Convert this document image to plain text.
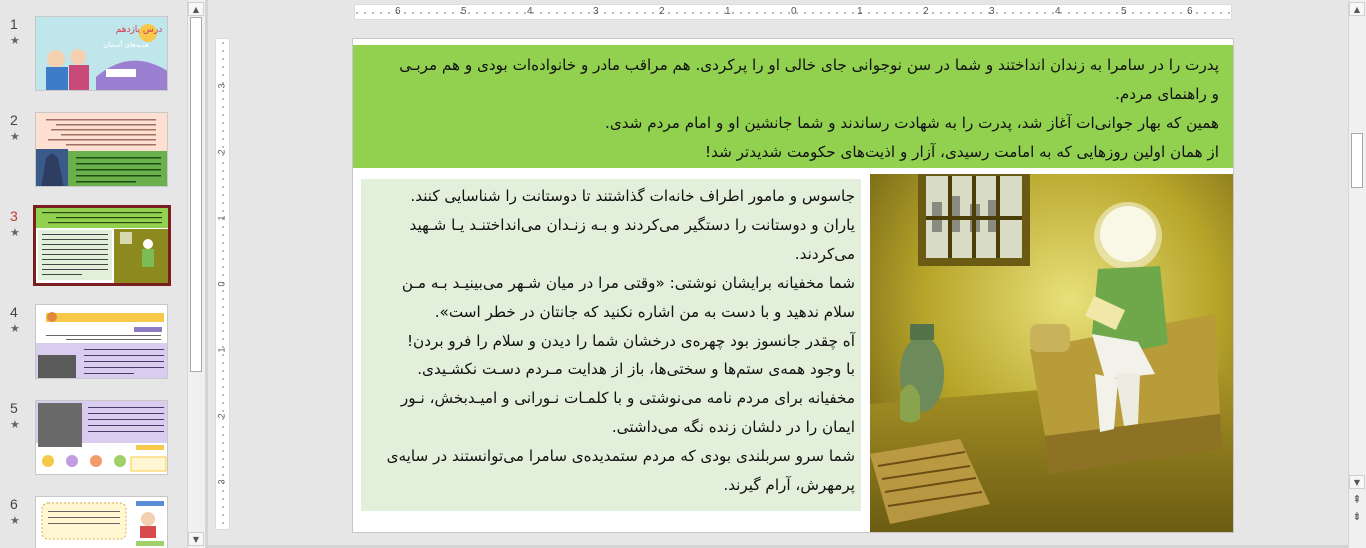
1
★
درس یازدهم
هدیه‌های آسمان
2
★
3
★
4
★
5
★
6
★
▲
▼
6	5	4	3	2	1	0	1	2	3	4	5	6
3
2
1
0
1
2
3
پدرت را در سامرا به زندان انداختند و شما در سن نوجوانی جای خالی او را پرکردی. هم مراقب مادر و خانواده‌ات بودی و هم مربـی
و راهنمای مردم.
همین که بهار جوانی‌ات آغاز شد، پدرت را به شهادت رساندند و شما جانشین او و امام مردم شدی.
از همان اولین روزهایی که به امامت رسیدی، آزار و اذیت‌های حکومت شدیدتر شد!
جاسوس و مامور اطراف خانه‌ات گذاشتند تا دوستانت را شناسایی کنند.
یاران و دوستانت را دستگیر می‌کردند و بـه زنـدان می‌انداختنـد یـا شـهید
می‌کردند.
شما مخفیانه برایشان نوشتی: «وقتی مرا در میان شـهر می‌بینیـد بـه مـن
سلام ندهید و با دست به من اشاره نکنید که جانتان در خطر است».
آه چقدر جانسوز بود چهره‌ی درخشان شما را دیدن و سلام را فرو بردن!
با وجود همه‌ی ستم‌ها و سختی‌ها، باز از هدایت مـردم دسـت نکشـیدی.
مخفیانه برای مردم نامه می‌نوشتی و با کلمـات نـورانی و امیـدبخش، نـور
ایمان را در دلشان زنده نگه می‌داشتی.
شما سرو سربلندی بودی که مردم ستمدیده‌ی سامرا می‌توانستند در سایه‌ی
پرمهرش، آرام گیرند.
▲
▼
⇞
⇟
